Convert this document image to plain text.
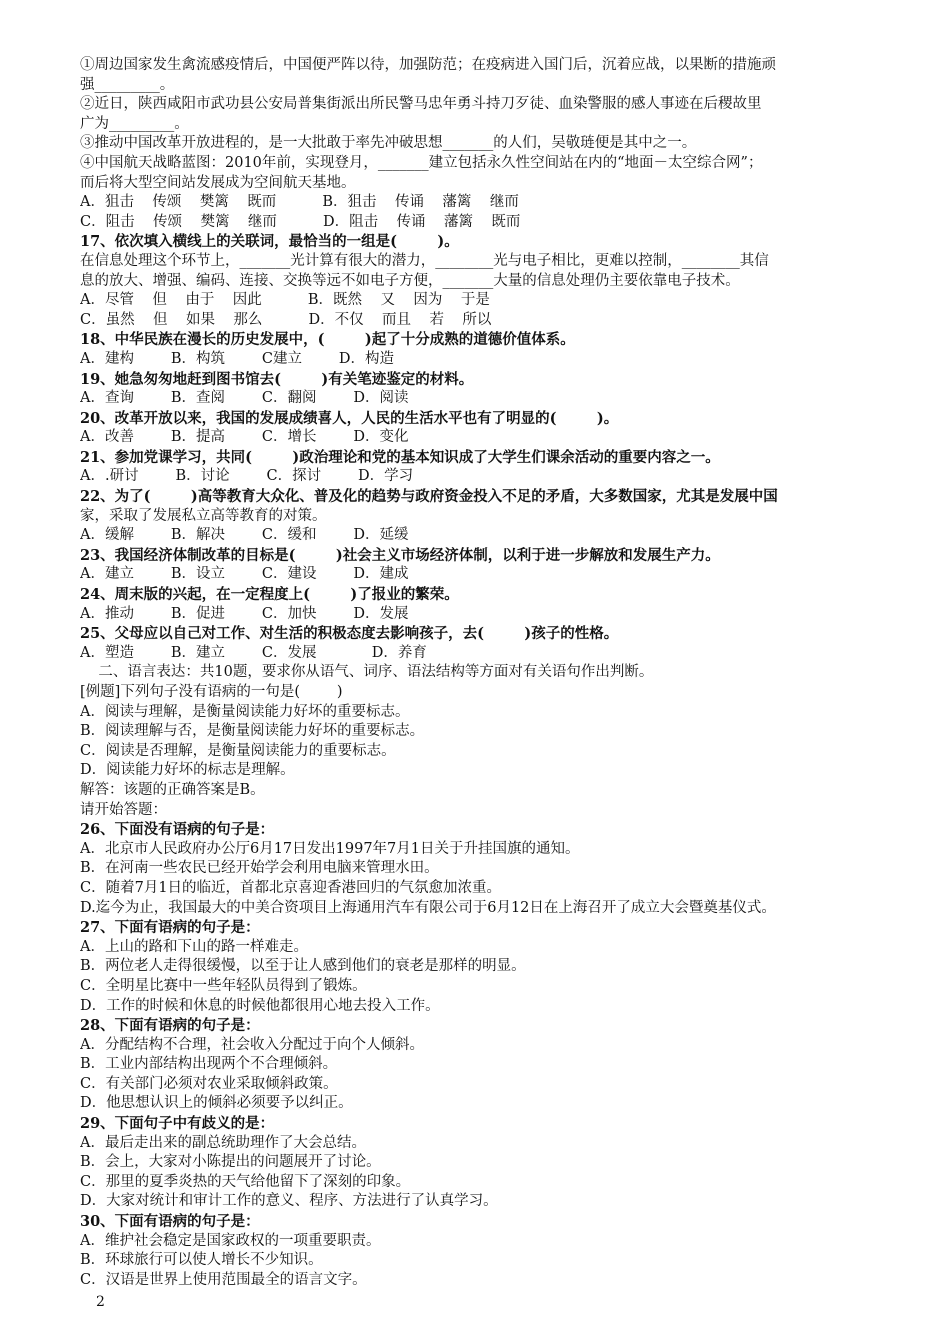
①周边国家发生禽流感疫情后，中国便严阵以待，加强防范；在疫病进入国门后，沉着应战，以果断的措施顽
强_________。
②近日，陕西咸阳市武功县公安局普集街派出所民警马忠年勇斗持刀歹徒、血染警服的感人事迹在后稷故里
广为_________。
③推动中国改革开放进程的，是一大批敢于率先冲破思想_______的人们，吴敬琏便是其中之一。
④中国航天战略蓝图：2010年前，实现登月，_______建立包括永久性空间站在内的“地面－太空综合网”；
而后将大型空间站发展成为空间航天基地。
A．狙击    传颂    樊篱    既而          B．狙击    传诵    藩篱    继而
C．阻击    传颂    樊篱    继而          D．阻击    传诵    藩篱    既而
17、依次填入横线上的关联词，最恰当的一组是(        )。
在信息处理这个环节上，_______光计算有很大的潜力，________光与电子相比，更难以控制，________其信
息的放大、增强、编码、连接、交换等远不如电子方便，_______大量的信息处理仍主要依靠电子技术。
A．尽管    但    由于    因此          B．既然    又    因为    于是
C．虽然    但    如果    那么          D．不仅    而且    若    所以
18、中华民族在漫长的历史发展中，(        )起了十分成熟的道德价值体系。
A．建构        B．构筑        C建立        D．构造
19、她急匆匆地赶到图书馆去(        )有关笔迹鉴定的材料。
A．查询        B．查阅        C．翻阅        D．阅读
20、改革开放以来，我国的发展成绩喜人，人民的生活水平也有了明显的(        )。
A．改善        B．提高        C．增长        D．变化
21、参加党课学习，共同(        )政治理论和党的基本知识成了大学生们课余活动的重要内容之一。
A．.研讨        B．讨论        C．探讨        D．学习
22、为了(        )高等教育大众化、普及化的趋势与政府资金投入不足的矛盾，大多数国家，尤其是发展中国
家，采取了发展私立高等教育的对策。
A．缓解        B．解决        C．缓和        D．延缓
23、我国经济体制改革的目标是(        )社会主义市场经济体制，以利于进一步解放和发展生产力。
A．建立        B．设立        C．建设        D．建成
24、周末版的兴起，在一定程度上(        )了报业的繁荣。
A．推动        B．促进        C．加快        D．发展
25、父母应以自己对工作、对生活的积极态度去影响孩子，去(        )孩子的性格。
A．塑造        B．建立        C．发展            D．养育
二、语言表达：共10题，要求你从语气、词序、语法结构等方面对有关语句作出判断。
[例题]下列句子没有语病的一句是(        )
A．阅读与理解，是衡量阅读能力好坏的重要标志。
B．阅读理解与否，是衡量阅读能力好坏的重要标志。
C．阅读是否理解，是衡量阅读能力的重要标志。
D．阅读能力好坏的标志是理解。
解答：该题的正确答案是B。
请开始答题：
26、下面没有语病的句子是：
A．北京市人民政府办公厅6月17日发出1997年7月1日关于升挂国旗的通知。
B．在河南一些农民已经开始学会利用电脑来管理水田。
C．随着7月1日的临近，首都北京喜迎香港回归的气氛愈加浓重。
D.迄今为止，我国最大的中美合资项目上海通用汽车有限公司于6月12日在上海召开了成立大会暨奠基仪式。
27、下面有语病的句子是：
A．上山的路和下山的路一样难走。
B．两位老人走得很缓慢，以至于让人感到他们的衰老是那样的明显。
C．全明星比赛中一些年轻队员得到了锻炼。
D．工作的时候和休息的时候他都很用心地去投入工作。
28、下面有语病的句子是：
A．分配结构不合理，社会收入分配过于向个人倾斜。
B．工业内部结构出现两个不合理倾斜。
C．有关部门必须对农业采取倾斜政策。
D．他思想认识上的倾斜必须要予以纠正。
29、下面句子中有歧义的是：
A．最后走出来的副总统助理作了大会总结。
B．会上，大家对小陈提出的问题展开了讨论。
C．那里的夏季炎热的天气给他留下了深刻的印象。
D．大家对统计和审计工作的意义、程序、方法进行了认真学习。
30、下面有语病的句子是：
A．维护社会稳定是国家政权的一项重要职责。
B．环球旅行可以使人增长不少知识。
C．汉语是世界上使用范围最全的语言文字。
2
